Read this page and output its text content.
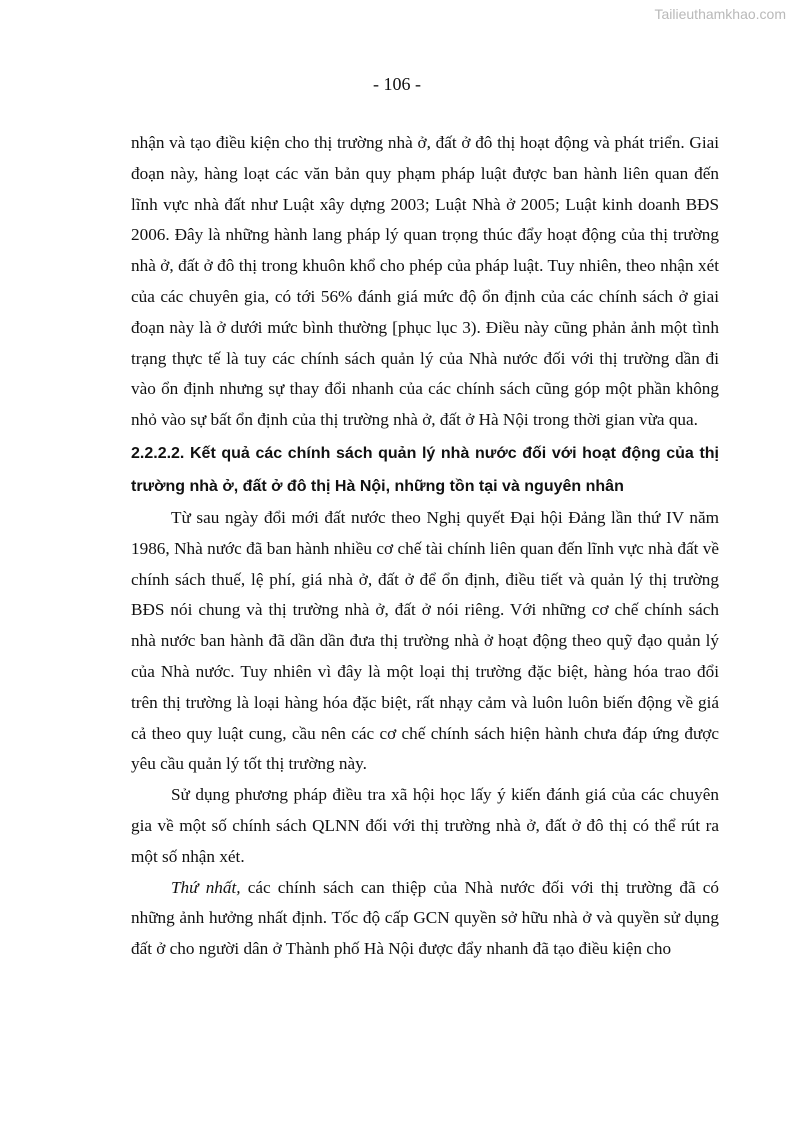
Tailieuthamkhao.com
- 106 -

nhận và tạo điều kiện cho thị trường nhà ở, đất ở đô thị hoạt động và phát triển. Giai đoạn này, hàng loạt các văn bản quy phạm pháp luật được ban hành liên quan đến lĩnh vực nhà đất như Luật xây dựng 2003; Luật Nhà ở 2005; Luật kinh doanh BĐS 2006. Đây là những hành lang pháp lý quan trọng thúc đẩy hoạt động của thị trường nhà ở, đất ở đô thị trong khuôn khổ cho phép của pháp luật. Tuy nhiên, theo nhận xét của các chuyên gia, có tới 56% đánh giá mức độ ổn định của các chính sách ở giai đoạn này là ở dưới mức bình thường [phục lục 3). Điều này cũng phản ảnh một tình trạng thực tế là tuy các chính sách quản lý của Nhà nước đối với thị trường dần đi vào ổn định nhưng sự thay đổi nhanh của các chính sách cũng góp một phần không nhỏ vào sự bất ổn định của thị trường nhà ở, đất ở Hà Nội trong thời gian vừa qua.

2.2.2.2. Kết quả các chính sách quản lý nhà nước đối với hoạt động của thị trường nhà ở, đất ở đô thị Hà Nội, những tồn tại và nguyên nhân

Từ sau ngày đổi mới đất nước theo Nghị quyết Đại hội Đảng lần thứ IV năm 1986, Nhà nước đã ban hành nhiều cơ chế tài chính liên quan đến lĩnh vực nhà đất về chính sách thuế, lệ phí, giá nhà ở, đất ở để ổn định, điều tiết và quản lý thị trường BĐS nói chung và thị trường nhà ở, đất ở nói riêng. Với những cơ chế chính sách nhà nước ban hành đã dần dần đưa thị trường nhà ở hoạt động theo quỹ đạo quản lý của Nhà nước. Tuy nhiên vì đây là một loại thị trường đặc biệt, hàng hóa trao đổi trên thị trường là loại hàng hóa đặc biệt, rất nhạy cảm và luôn luôn biến động về giá cả theo quy luật cung, cầu nên các cơ chế chính sách hiện hành chưa đáp ứng được yêu cầu quản lý tốt thị trường này.

Sử dụng phương pháp điều tra xã hội học lấy ý kiến đánh giá của các chuyên gia về một số chính sách QLNN đối với thị trường nhà ở, đất ở đô thị có thể rút ra một số nhận xét.

Thứ nhất, các chính sách can thiệp của Nhà nước đối với thị trường đã có những ảnh hưởng nhất định. Tốc độ cấp GCN quyền sở hữu nhà ở và quyền sử dụng đất ở cho người dân ở Thành phố Hà Nội được đẩy nhanh đã tạo điều kiện cho
